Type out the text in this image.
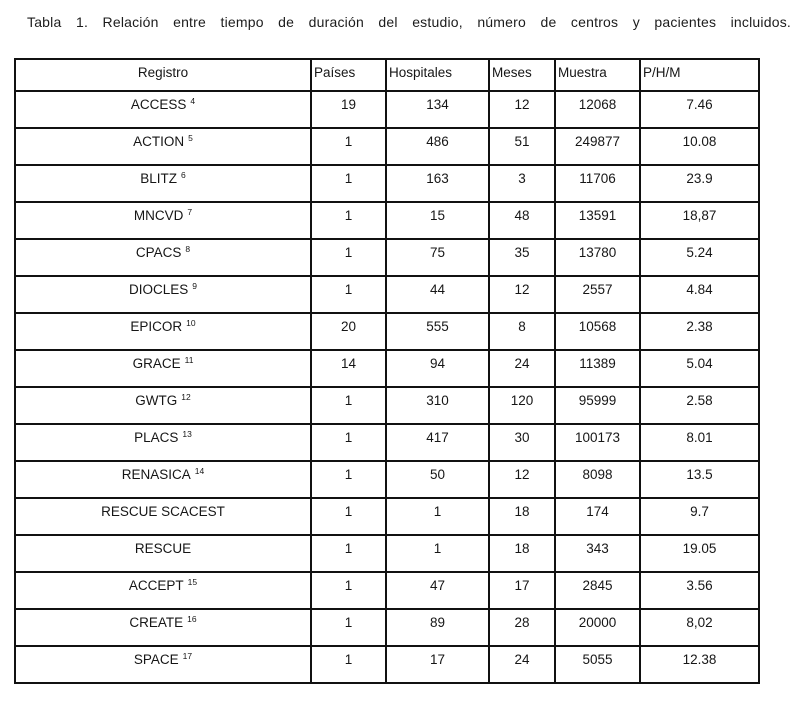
Tabla 1. Relación entre tiempo de duración del estudio, número de centros y pacientes incluidos.
Registro	Países	Hospitales	Meses	Muestra	P/H/M
ACCESS $^4$	19	134	12	12068	7.46
ACTION $^5$	1	486	51	249877	10.08
BLITZ $^6$	1	163	3	11706	23.9
MNCVD $^7$	1	15	48	13591	18,87
CPACS $^8$	1	75	35	13780	5.24
DIOCLES $^9$	1	44	12	2557	4.84
EPICOR $^{10}$	20	555	8	10568	2.38
GRACE $^{11}$	14	94	24	11389	5.04
GWTG $^{12}$	1	310	120	95999	2.58
PLACS $^{13}$	1	417	30	100173	8.01
RENASICA $^{14}$	1	50	12	8098	13.5
RESCUE SCACEST	1	1	18	174	9.7
RESCUE	1	1	18	343	19.05
ACCEPT $^{15}$	1	47	17	2845	3.56
CREATE $^{16}$	1	89	28	20000	8,02
SPACE $^{17}$	1	17	24	5055	12.38
